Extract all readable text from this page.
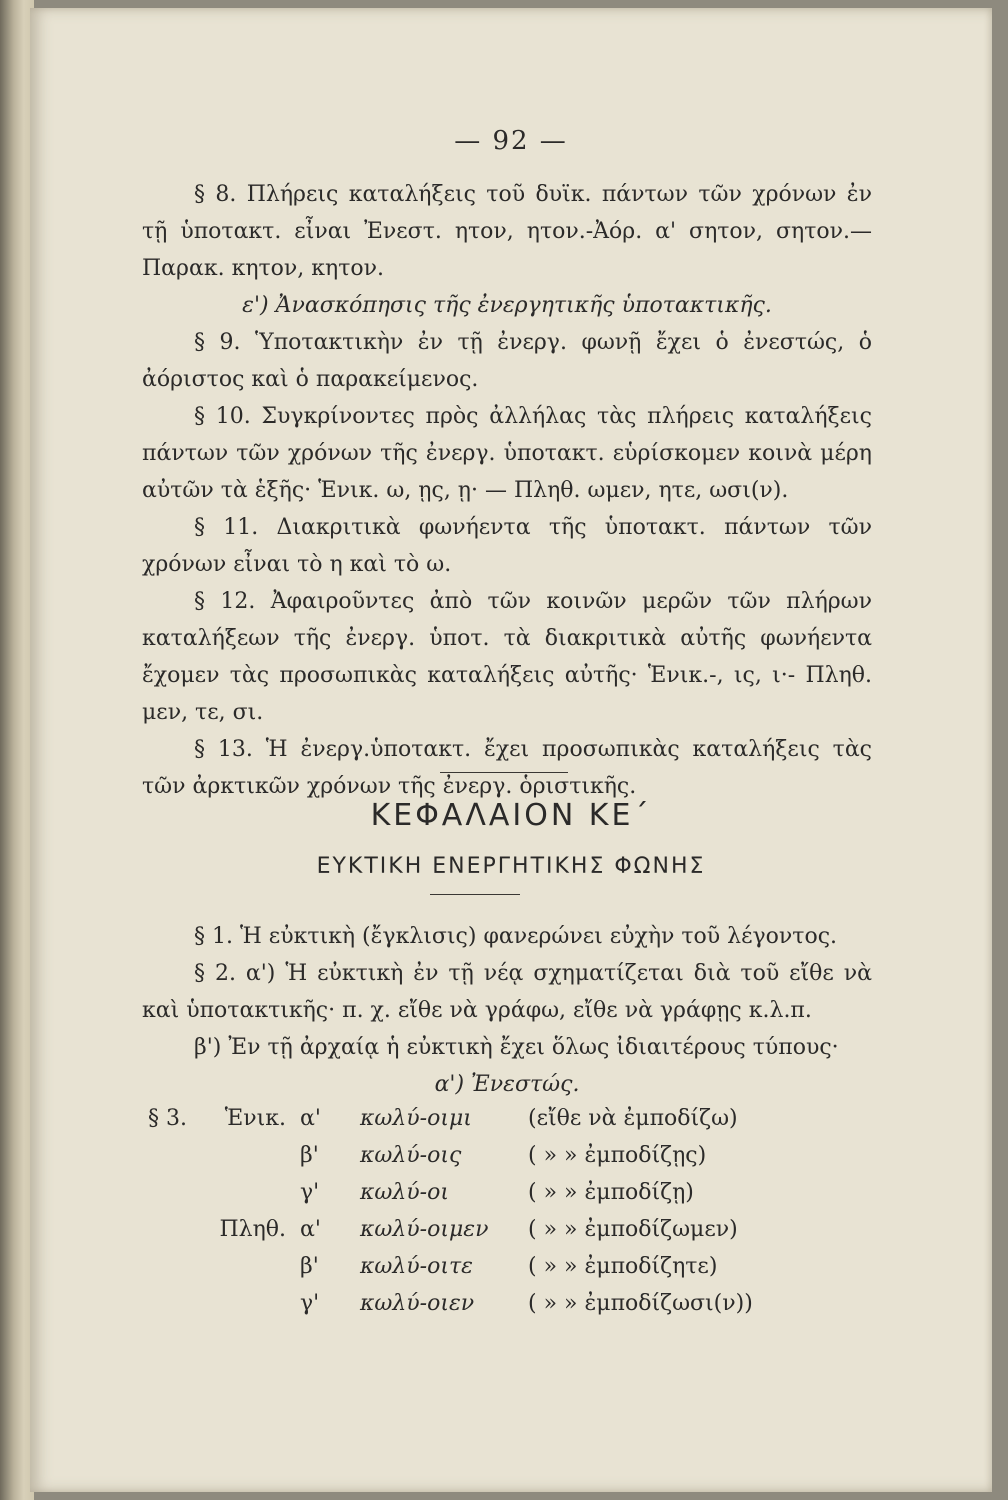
— 92 —

§ 8. Πλήρεις καταλήξεις τοῦ δυϊκ. πάντων τῶν χρόνων ἐν τῇ ὑποτακτ. εἶναι Ἐνεστ. ητον, ητον.-Ἀόρ. α' σητον, σητον.—Παρακ. κητον, κητον.

ε') Ἀνασκόπησις τῆς ἐνεργητικῆς ὑποτακτικῆς.

§ 9. Ὑποτακτικὴν ἐν τῇ ἐνεργ. φωνῇ ἔχει ὁ ἐνεστώς, ὁ ἀόριστος καὶ ὁ παρακείμενος.

§ 10. Συγκρίνοντες πρὸς ἀλλήλας τὰς πλήρεις καταλήξεις πάντων τῶν χρόνων τῆς ἐνεργ. ὑποτακτ. εὑρίσκομεν κοινὰ μέρη αὐτῶν τὰ ἑξῆς· Ἑνικ. ω, ῃς, ῃ· — Πληθ. ωμεν, ητε, ωσι(ν).

§ 11. Διακριτικὰ φωνήεντα τῆς ὑποτακτ. πάντων τῶν χρόνων εἶναι τὸ η καὶ τὸ ω.

§ 12. Ἀφαιροῦντες ἀπὸ τῶν κοινῶν μερῶν τῶν πλήρων καταλήξεων τῆς ἐνεργ. ὑποτ. τὰ διακριτικὰ αὐτῆς φωνήεντα ἔχομεν τὰς προσωπικὰς καταλήξεις αὐτῆς· Ἑνικ.-, ις, ι·- Πληθ. μεν, τε, σι.

§ 13. Ἡ ἐνεργ.ὑποτακτ. ἔχει προσωπικὰς καταλήξεις τὰς τῶν ἀρκτικῶν χρόνων τῆς ἐνεργ. ὁριστικῆς.

ΚΕΦΑΛΑΙΟΝ ΚΕ΄
ΕΥΚΤΙΚΗ ΕΝΕΡΓΗΤΙΚΗΣ ΦΩΝΗΣ

§ 1. Ἡ εὐκτικὴ (ἔγκλισις) φανερώνει εὐχὴν τοῦ λέγοντος.

§ 2. α') Ἡ εὐκτικὴ ἐν τῇ νέᾳ σχηματίζεται διὰ τοῦ εἴθε νὰ καὶ ὑποτακτικῆς· π. χ. εἴθε νὰ γράφω, εἴθε νὰ γράφῃς κ.λ.π.

β') Ἐν τῇ ἀρχαίᾳ ἡ εὐκτικὴ ἔχει ὅλως ἰδιαιτέρους τύπους·

α') Ἐνεστώς.

§ 3.	Ἑνικ.	α'	κωλύ-οιμι	(εἴθε νὰ ἐμποδίζω)
		β'	κωλύ-οις	( » » ἐμποδίζῃς)
		γ'	κωλύ-οι	( » » ἐμποδίζῃ)
	Πληθ.	α'	κωλύ-οιμεν	( » » ἐμποδίζωμεν)
		β'	κωλύ-οιτε	( » » ἐμποδίζητε)
		γ'	κωλύ-οιεν	( » » ἐμποδίζωσι(ν))
